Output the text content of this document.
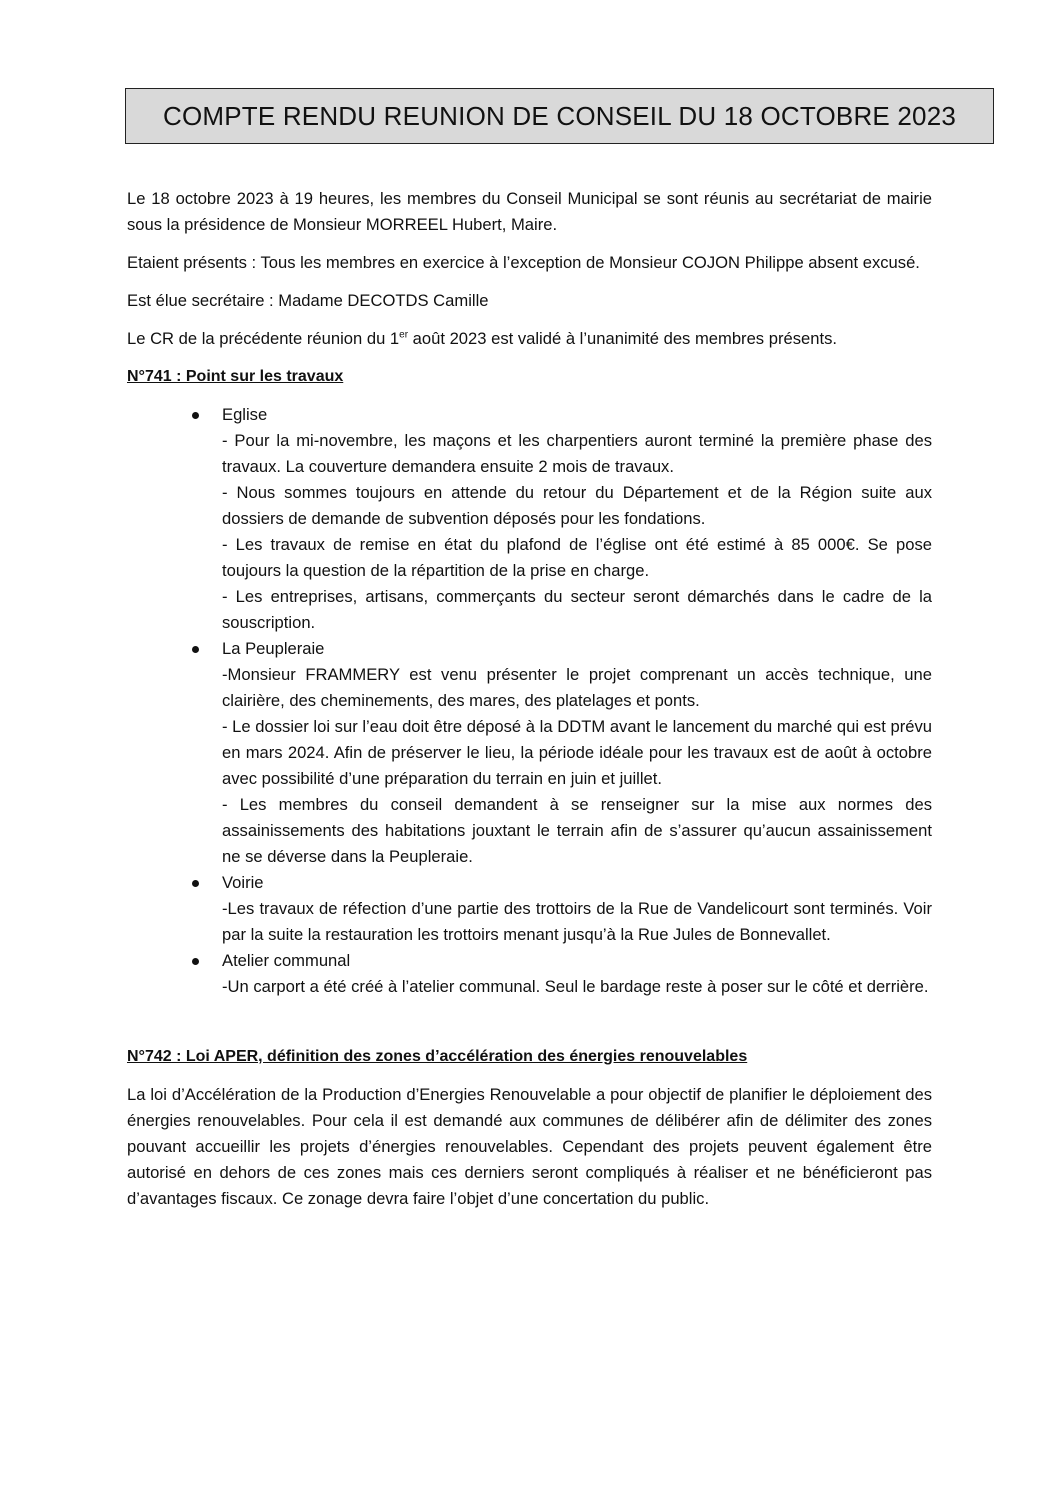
COMPTE RENDU REUNION DE CONSEIL DU 18 OCTOBRE 2023

Le 18 octobre 2023 à 19 heures, les membres du Conseil Municipal se sont réunis au secrétariat de mairie sous la présidence de Monsieur MORREEL Hubert, Maire.

Etaient présents : Tous les membres en exercice à l’exception de Monsieur COJON Philippe absent excusé.

Est élue secrétaire : Madame DECOTDS Camille

Le CR de la précédente réunion du 1er août 2023 est validé à l’unanimité des membres présents.

N°741 : Point sur les travaux
Eglise
- Pour la mi-novembre, les maçons et les charpentiers auront terminé la première phase des travaux. La couverture demandera ensuite 2 mois de travaux.
- Nous sommes toujours en attende du retour du Département et de la Région suite aux dossiers de demande de subvention déposés pour les fondations.
- Les travaux de remise en état du plafond de l’église ont été estimé à 85 000€. Se pose toujours la question de la répartition de la prise en charge.
- Les entreprises, artisans, commerçants du secteur seront démarchés dans le cadre de la souscription.
La Peupleraie
-Monsieur FRAMMERY est venu présenter le projet comprenant un accès technique, une clairière, des cheminements, des mares, des platelages et ponts.
- Le dossier loi sur l’eau doit être déposé à la DDTM avant le lancement du marché qui est prévu en mars 2024. Afin de préserver le lieu, la période idéale pour les travaux est de août à octobre avec possibilité d’une préparation du terrain en juin et juillet.
- Les membres du conseil demandent à se renseigner sur la mise aux normes des assainissements des habitations jouxtant le terrain afin de s’assurer qu’aucun assainissement ne se déverse dans la Peupleraie.
Voirie
-Les travaux de réfection d’une partie des trottoirs de la Rue de Vandelicourt sont terminés. Voir par la suite la restauration les trottoirs menant jusqu’à la Rue Jules de Bonnevallet.
Atelier communal
-Un carport a été créé à l’atelier communal. Seul le bardage reste à poser sur le côté et derrière.
N°742 : Loi APER, définition des zones d’accélération des énergies renouvelables

La loi d’Accélération de la Production d’Energies Renouvelable a pour objectif de planifier le déploiement des énergies renouvelables. Pour cela il est demandé aux communes de délibérer afin de délimiter des zones pouvant accueillir les projets d’énergies renouvelables. Cependant des projets peuvent également être autorisé en dehors de ces zones mais ces derniers seront compliqués à réaliser et ne bénéficieront pas d’avantages fiscaux. Ce zonage devra faire l’objet d’une concertation du public.
